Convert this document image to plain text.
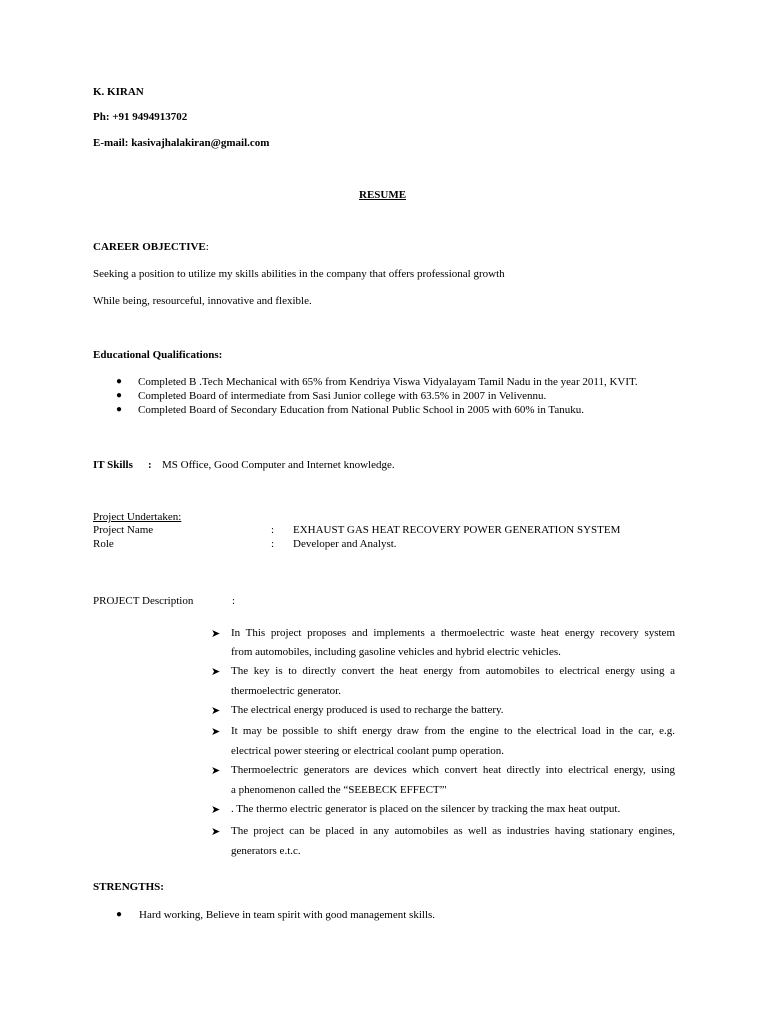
K. KIRAN
Ph: +91 9494913702
E-mail: kasivajhalakiran@gmail.com
RESUME
CAREER OBJECTIVE:
Seeking a position to utilize my skills abilities in the company that offers professional growth
While being, resourceful, innovative and flexible.
Educational Qualifications:
● Completed B .Tech Mechanical with 65% from Kendriya Viswa Vidyalayam Tamil Nadu in the year 2011, KVIT.
● Completed Board of intermediate from Sasi Junior college with 63.5% in 2007 in Velivennu.
● Completed Board of Secondary Education from National Public School in 2005 with 60% in Tanuku.
IT Skills : MS Office, Good Computer and Internet knowledge.
Project Undertaken:
Project Name	: EXHAUST GAS HEAT RECOVERY POWER GENERATION SYSTEM
Role	: Developer and Analyst.
PROJECT Description	:
➤ In This project proposes and implements a thermoelectric waste heat energy recovery system
from automobiles, including gasoline vehicles and hybrid electric vehicles.
➤ The key is to directly convert the heat energy from automobiles to electrical energy using a
thermoelectric generator.
➤ The electrical energy produced is used to recharge the battery.
➤ It may be possible to shift energy draw from the engine to the electrical load in the car, e.g.
electrical power steering or electrical coolant pump operation.
➤ Thermoelectric generators are devices which convert heat directly into electrical energy, using
a phenomenon called the “SEEBECK EFFECT”'
➤ . The thermo electric generator is placed on the silencer by tracking the max heat output.
➤ The project can be placed in any automobiles as well as industries having stationary engines,
generators e.t.c.
STRENGTHS:
● Hard working, Believe in team spirit with good management skills.
